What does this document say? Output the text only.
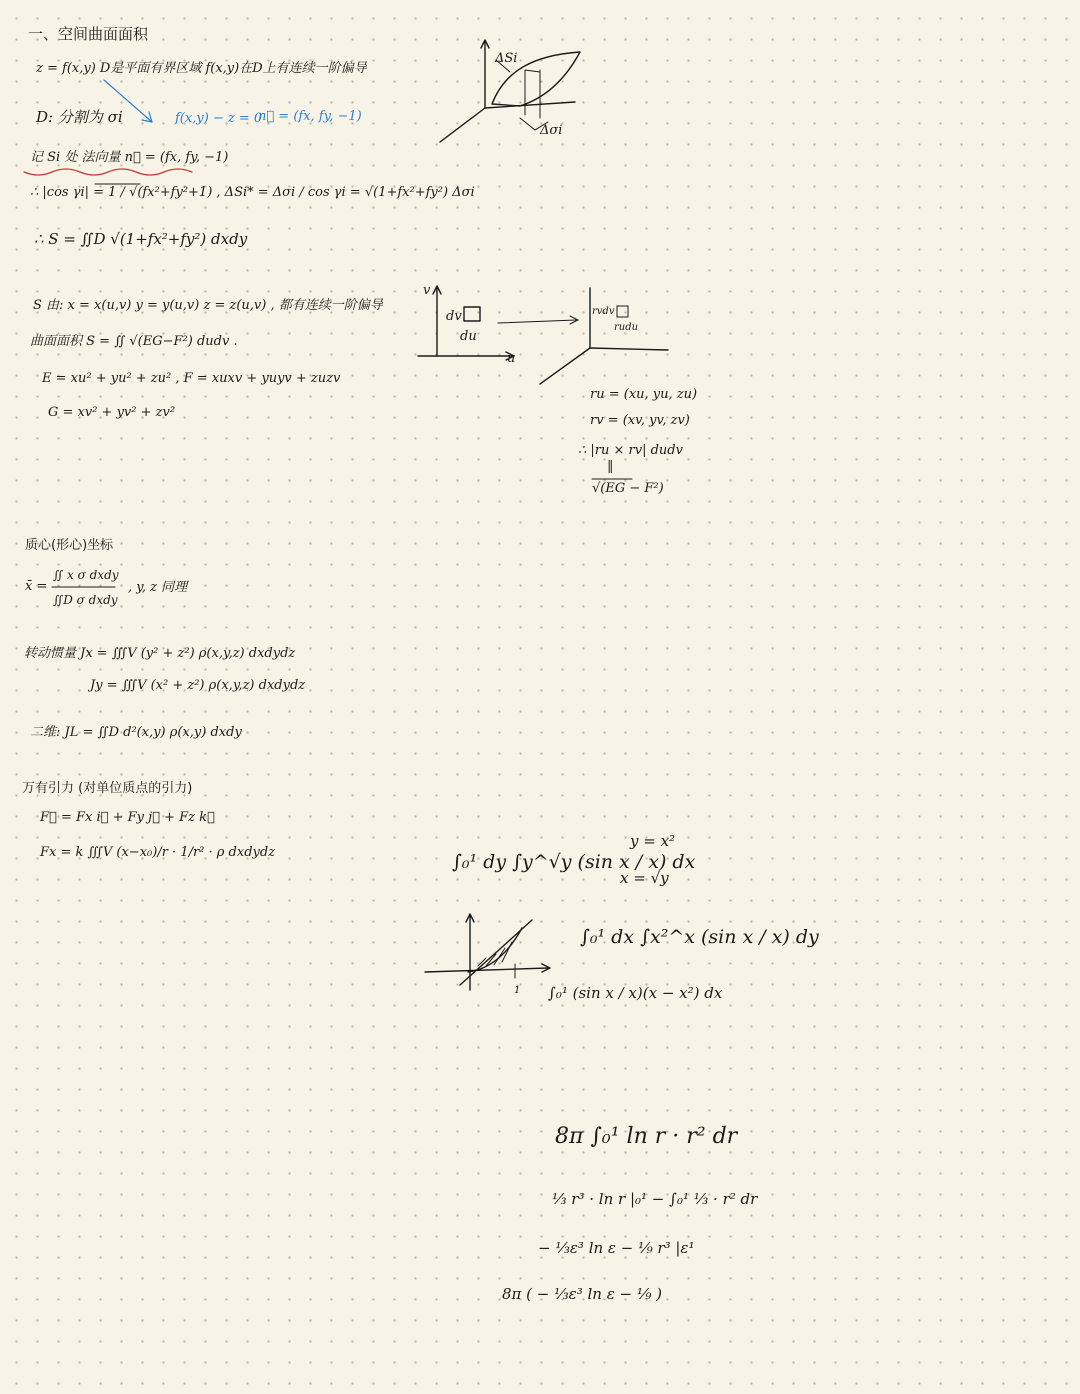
一、空间曲面面积
z = f(x,y) D是平面有界区域 f(x,y)在D上有连续一阶偏导
D: 分割为 σi	f(x,y) − z = 0
n⃗ = (fx, fy, −1)
记 Si 处 法向量 n⃗ = (fx, fy, −1)
∴ |cos γi| = 1 / √(fx²+fy²+1) , ΔSi* = Δσi / cos γi = √(1+fx²+fy²) Δσi
∴ S = ∬D √(1+fx²+fy²) dxdy
ΔSi
Δσi
S 由: x = x(u,v) y = y(u,v) z = z(u,v) , 都有连续一阶偏导
曲面面积 S = ∬ √(EG−F²) dudv .
E = xu² + yu² + zu² , F = xuxv + yuyv + zuzv
G = xv² + yv² + zv²
v
u
dv
du
rvdv
rudu
ru = (xu, yu, zu)
rv = (xv, yv, zv)
∴ |ru × rv| dudv
‖
√(EG − F²)
质心(形心)坐标
x̄ =
∬ x σ dxdy
∬D σ dxdy
, y, z 同理
转动惯量 Jx = ∭V (y² + z²) ρ(x,y,z) dxdydz
Jy = ∭V (x² + z²) ρ(x,y,z) dxdydz
二维: JL = ∬D d²(x,y) ρ(x,y) dxdy
万有引力 (对单位质点的引力)
F⃗ = Fx i⃗ + Fy j⃗ + Fz k⃗
Fx = k ∭V (x−x₀)/r · 1/r² · ρ dxdydz	∫₀¹ dy ∫y^√y (sin x / x) dx
y = x²
x = √y
∫₀¹ dx ∫x²^x (sin x / x) dy
∫₀¹ (sin x / x)(x − x²) dx
1
8π ∫₀¹ ln r · r² dr
⅓ r³ · ln r |₀¹ − ∫₀¹ ⅓ · r² dr
− ⅓ε³ ln ε − ⅑ r³ |ε¹
8π ( − ⅓ε³ ln ε − ⅑ )
